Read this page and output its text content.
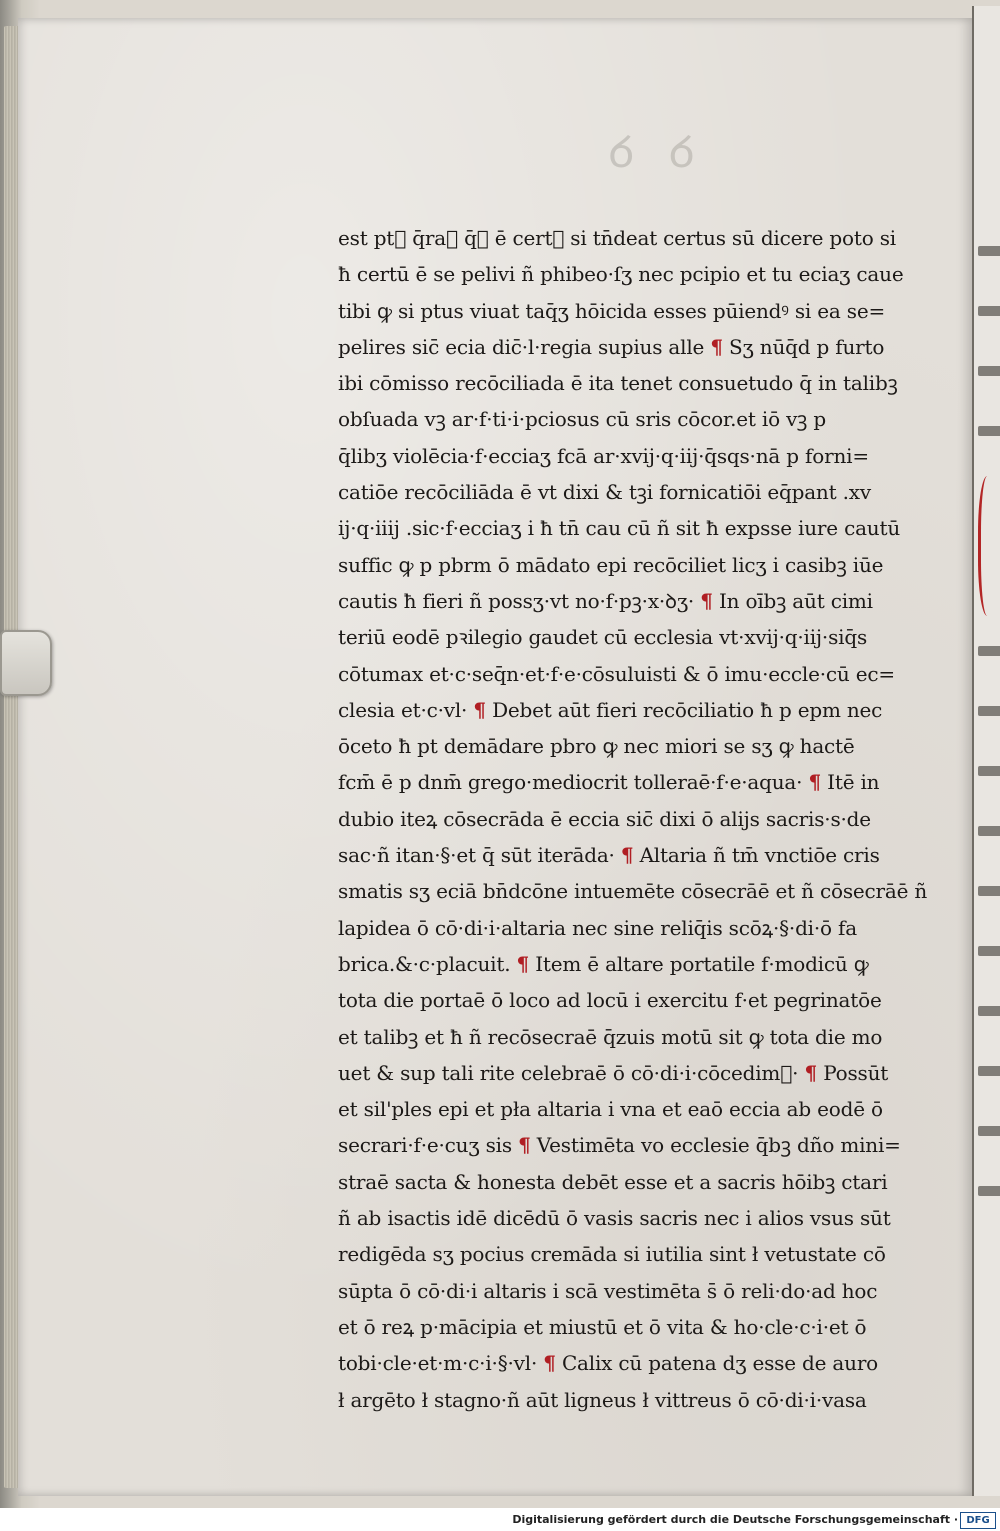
ꝺ ꝺ
est pt᷑ q̄raᷓ q̄ꝛ ē certꝰ si tn̄deat certus sū dicere poto si
ħ certū ē se pelivi ñ phibeo·ſʒ nec pcipio et tu eciaʒ caue
tibi ꝙ si ptus viuat taq̄ʒ hōicida esses pūiendꝰ si ea se=
pelires sic̄ ecia dic̄·l·regia supius alle ¶ Sʒ nūq̄d p furto
ibi cōmisso recōciliada ē ita tenet consuetudo q̄ in talibꝫ
obſuada vꝫ ar·f·ti·i·pciosus cū sris cōcor.et iō vꝫ p
q̄libʒ violēcia·f·ecciaʒ fcā ar·xvij·q·iij·q̄sqs·nā p forni=
catiōe recōciliāda ē vt dixi & tꝫi fornicatiōi eq̄pant .xv
ij·q·iiij .sic·f·ecciaʒ i ħ tn̄ cau cū ñ sit ħ expsse iure cautū
suffic ꝙ p pbrm ō mādato epi recōciliet licʒ i casibꝫ iūe
cautis ħ fieri ñ possʒ·vt no·f·pꝫ·x·ꝺʒ· ¶ In oībꝫ aūt cimi
teriū eodē pꝛilegio gaudet cū ecclesia vt·xvij·q·iij·siq̄s
cōtumax et·c·seq̄n·et·f·e·cōsuluisti & ō imu·eccle·cū ec=
clesia et·c·vl· ¶ Debet aūt fieri recōciliatio ħ p epm nec
ōceto ħ pt demādare pbro ꝙ nec miori se sʒ ꝙ hactē
fcm̄ ē p dnm̄ grego·mediocrit tolleraē·f·e·aqua· ¶ Itē in
dubio iteꝝ cōsecrāda ē eccia sic̄ dixi ō alijs sacris·s·de
sac·ñ itan·§·et q̄ sūt iterāda· ¶ Altaria ñ tm̄ vnctiōe cris
smatis sʒ eciā bn̄dcōne intuemēte cōsecrāē et ñ cōsecrāē ñ
lapidea ō cō·di·i·altaria nec sine reliq̄is scōꝝ·§·di·ō fa
brica.&·c·placuit. ¶ Item ē altare portatile f·modicū ꝙ
tota die portaē ō loco ad locū i exercitu f·et pegrinatōe
et talibꝫ et ħ ñ recōsecraē q̄zuis motū sit ꝙ tota die mo
uet & sup tali rite celebraē ō cō·di·i·cōcedim᷑· ¶ Possūt
et sil'ples epi et pła altaria i vna et eaō eccia ab eodē ō
secrari·f·e·cuʒ sis ¶ Vestimēta vo ecclesie q̄bꝫ dño mini=
straē sacta & honesta debēt esse et a sacris hōibꝫ ctari
ñ ab isactis idē dicēdū ō vasis sacris nec i alios vsus sūt
redigēda sʒ pocius cremāda si iutilia sint ł vetustate cō
sūpta ō cō·di·i altaris i scā vestimēta s̄ ō reli·do·ad hoc
et ō reꝝ p·mācipia et miustū et ō vita & ho·cle·c·i·et ō
tobi·cle·et·m·c·i·§·vl· ¶ Calix cū patena dʒ esse de auro
ł argēto ł stagno·ñ aūt ligneus ł vittreus ō cō·di·i·vasa
Digitalisierung gefördert durch die Deutsche Forschungsgemeinschaft · DFG
